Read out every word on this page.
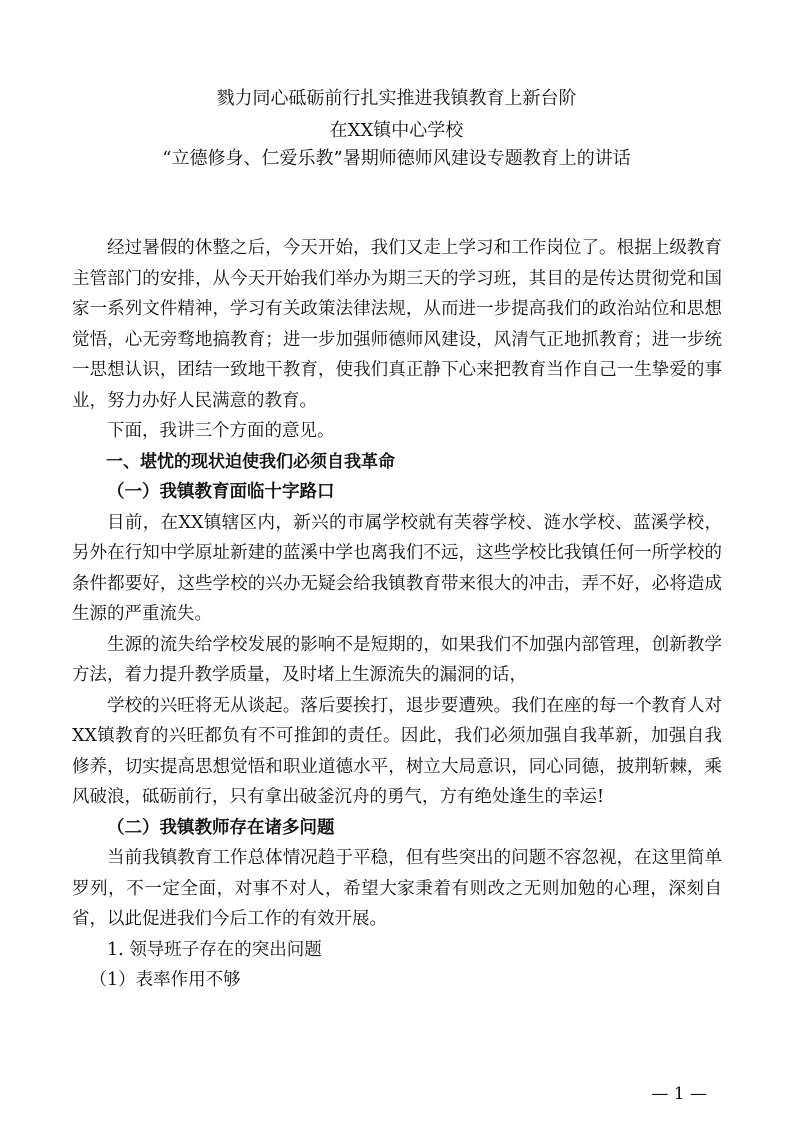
戮力同心砥砺前行扎实推进我镇教育上新台阶
在XX镇中心学校
“立德修身、仁爱乐教”暑期师德师风建设专题教育上的讲话

经过暑假的休整之后，今天开始，我们又走上学习和工作岗位了。根据上级教育主管部门的安排，从今天开始我们举办为期三天的学习班，其目的是传达贯彻党和国家一系列文件精神，学习有关政策法律法规，从而进一步提高我们的政治站位和思想觉悟，心无旁骛地搞教育；进一步加强师德师风建设，风清气正地抓教育；进一步统一思想认识，团结一致地干教育，使我们真正静下心来把教育当作自己一生挚爱的事业，努力办好人民满意的教育。

下面，我讲三个方面的意见。

一、堪忧的现状迫使我们必须自我革命

（一）我镇教育面临十字路口

目前，在XX镇辖区内，新兴的市属学校就有芙蓉学校、涟水学校、蓝溪学校，另外在行知中学原址新建的蓝溪中学也离我们不远，这些学校比我镇任何一所学校的条件都要好，这些学校的兴办无疑会给我镇教育带来很大的冲击，弄不好，必将造成生源的严重流失。

生源的流失给学校发展的影响不是短期的，如果我们不加强内部管理，创新教学方法，着力提升教学质量，及时堵上生源流失的漏洞的话，

学校的兴旺将无从谈起。落后要挨打，退步要遭殃。我们在座的每一个教育人对XX镇教育的兴旺都负有不可推卸的责任。因此，我们必须加强自我革新，加强自我修养，切实提高思想觉悟和职业道德水平，树立大局意识，同心同德，披荆斩棘，乘风破浪，砥砺前行，只有拿出破釜沉舟的勇气，方有绝处逢生的幸运!

（二）我镇教师存在诸多问题

当前我镇教育工作总体情况趋于平稳，但有些突出的问题不容忽视，在这里简单罗列，不一定全面，对事不对人，希望大家秉着有则改之无则加勉的心理，深刻自省，以此促进我们今后工作的有效开展。

1. 领导班子存在的突出问题

（1）表率作用不够

— 1 —
